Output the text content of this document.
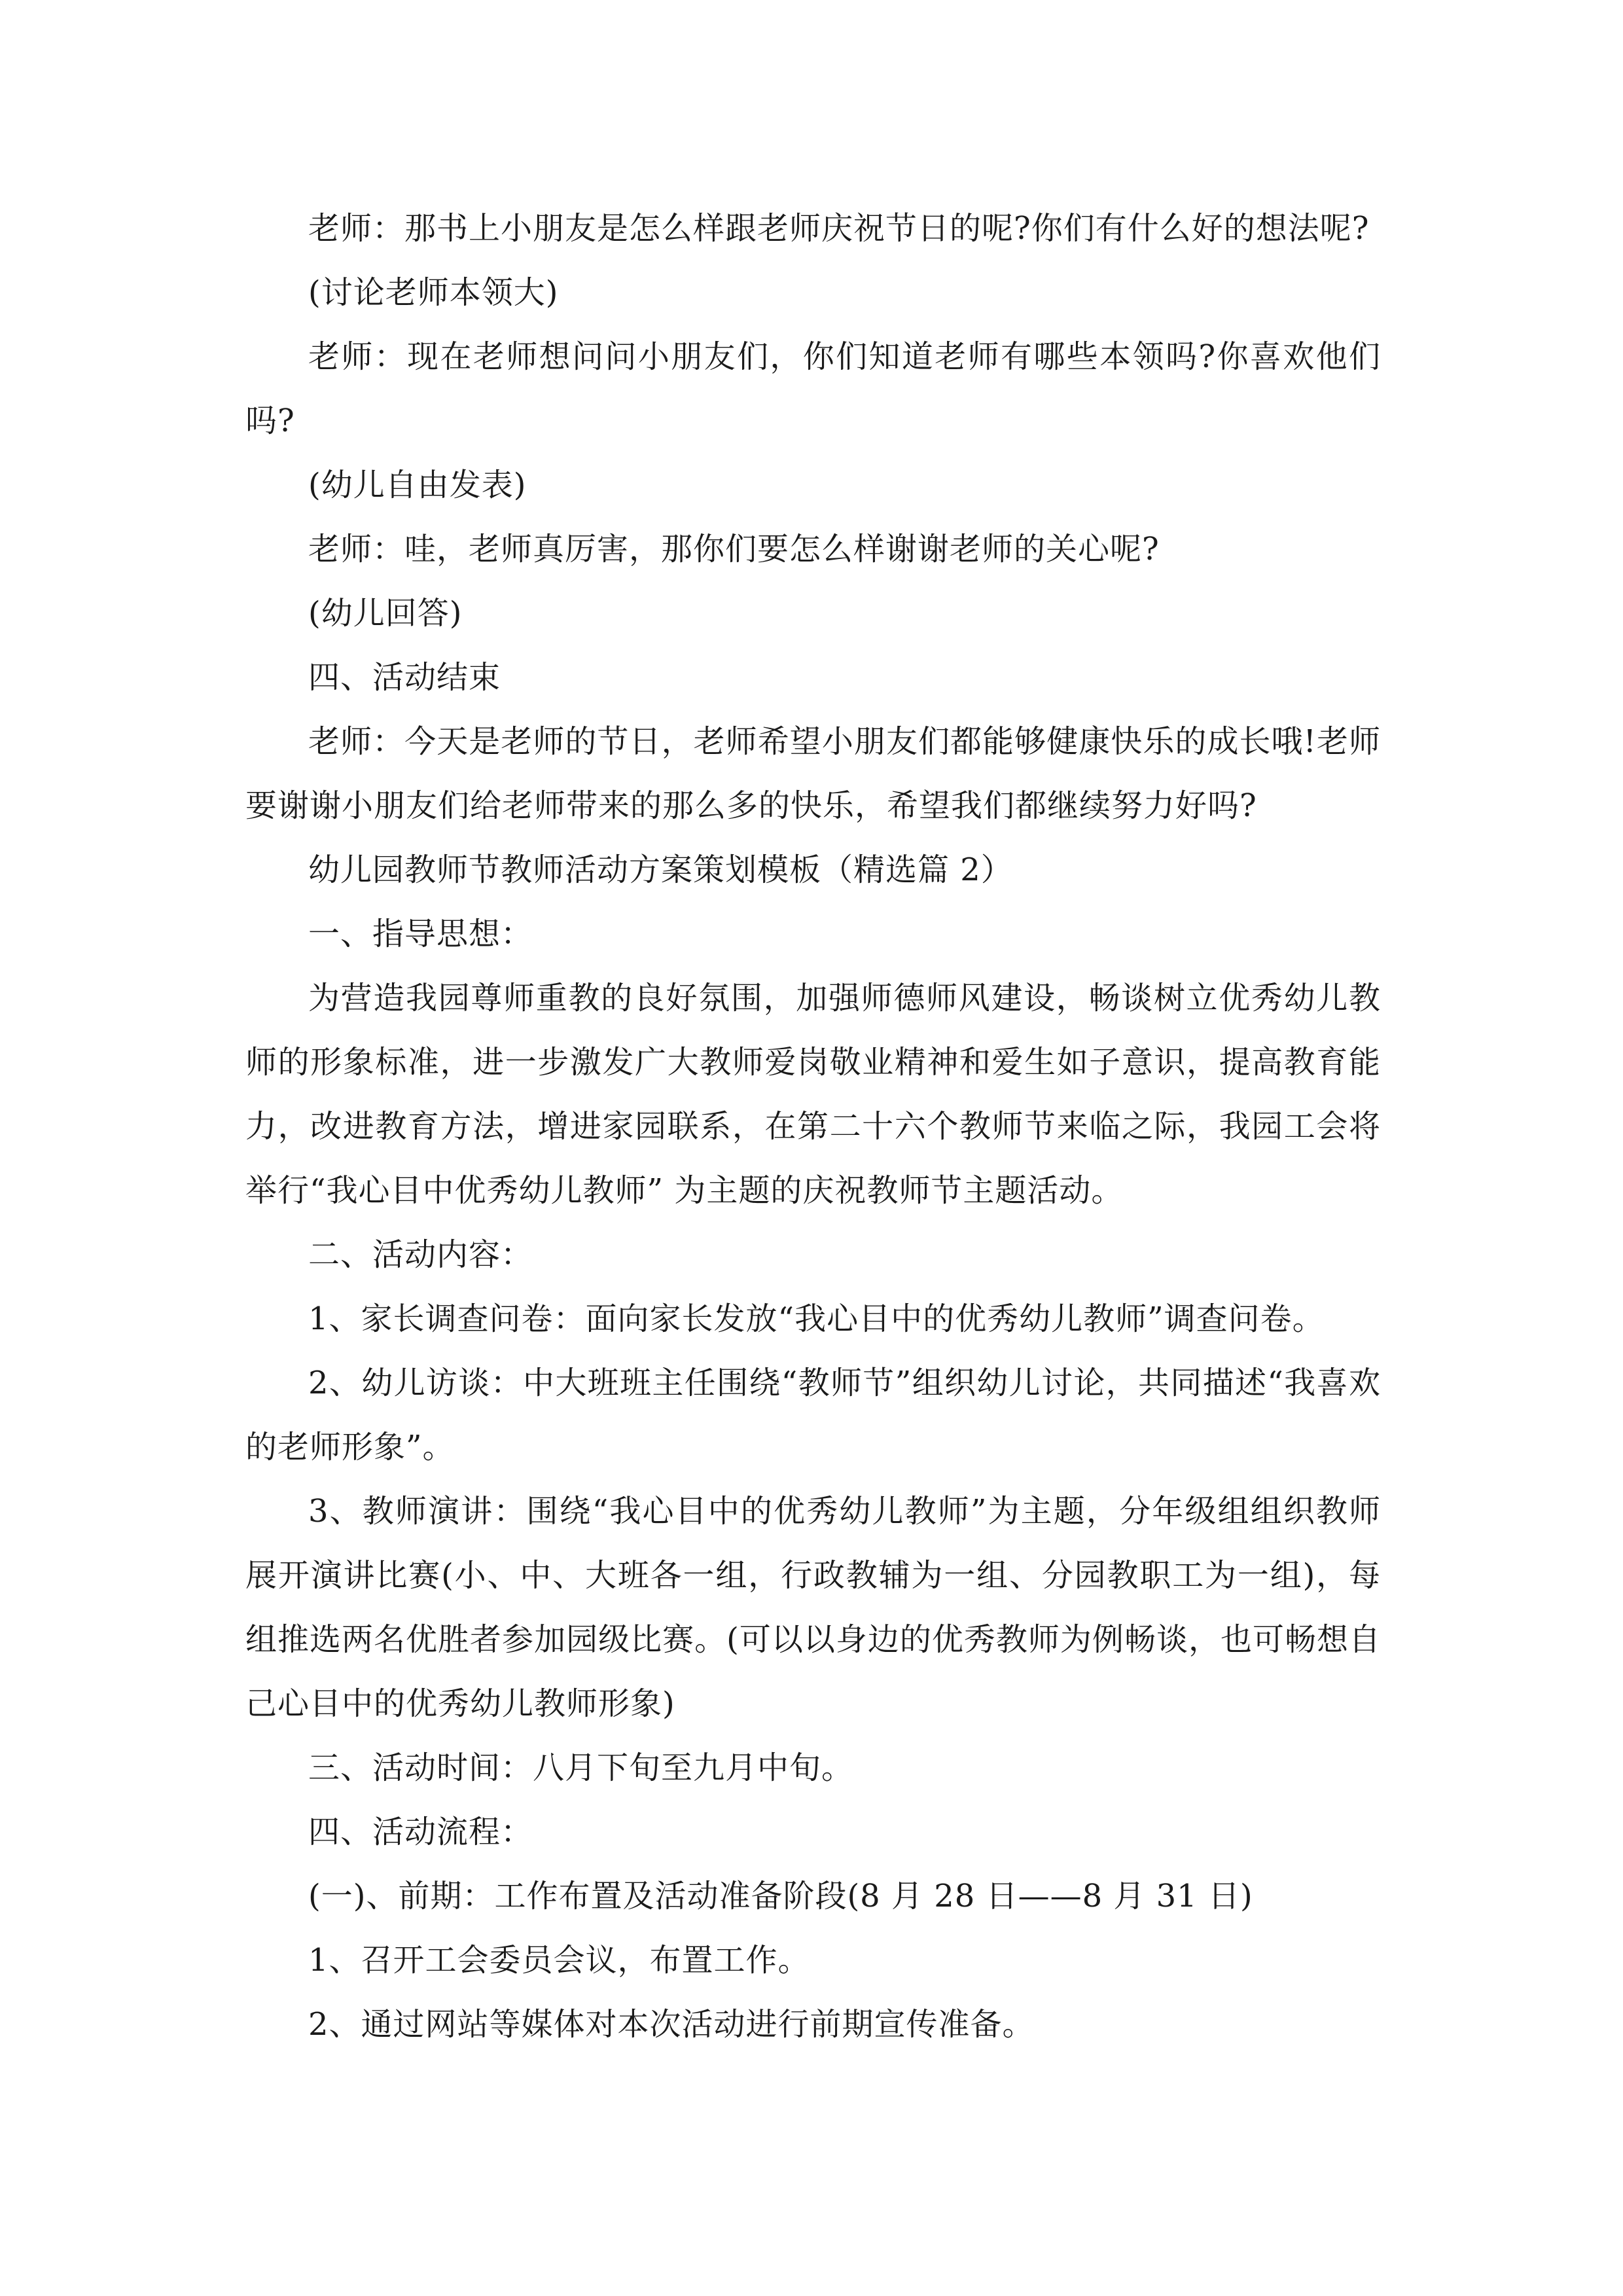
老师：那书上小朋友是怎么样跟老师庆祝节日的呢?你们有什么好的想法呢?

(讨论老师本领大)

老师：现在老师想问问小朋友们，你们知道老师有哪些本领吗?你喜欢他们吗?

(幼儿自由发表)

老师：哇，老师真厉害，那你们要怎么样谢谢老师的关心呢?

(幼儿回答)

四、活动结束

老师：今天是老师的节日，老师希望小朋友们都能够健康快乐的成长哦!老师要谢谢小朋友们给老师带来的那么多的快乐，希望我们都继续努力好吗?

幼儿园教师节教师活动方案策划模板（精选篇 2）

一、指导思想：

为营造我园尊师重教的良好氛围，加强师德师风建设，畅谈树立优秀幼儿教师的形象标准，进一步激发广大教师爱岗敬业精神和爱生如子意识，提高教育能力，改进教育方法，增进家园联系，在第二十六个教师节来临之际，我园工会将举行“我心目中优秀幼儿教师” 为主题的庆祝教师节主题活动。

二、活动内容：

1、家长调查问卷：面向家长发放“我心目中的优秀幼儿教师”调查问卷。

2、幼儿访谈：中大班班主任围绕“教师节”组织幼儿讨论，共同描述“我喜欢的老师形象”。

3、教师演讲：围绕“我心目中的优秀幼儿教师”为主题，分年级组组织教师展开演讲比赛(小、中、大班各一组，行政教辅为一组、分园教职工为一组)，每组推选两名优胜者参加园级比赛。(可以以身边的优秀教师为例畅谈，也可畅想自己心目中的优秀幼儿教师形象)

三、活动时间：八月下旬至九月中旬。

四、活动流程：

(一)、前期：工作布置及活动准备阶段(8 月 28 日——8 月 31 日)

1、召开工会委员会议，布置工作。

2、通过网站等媒体对本次活动进行前期宣传准备。
